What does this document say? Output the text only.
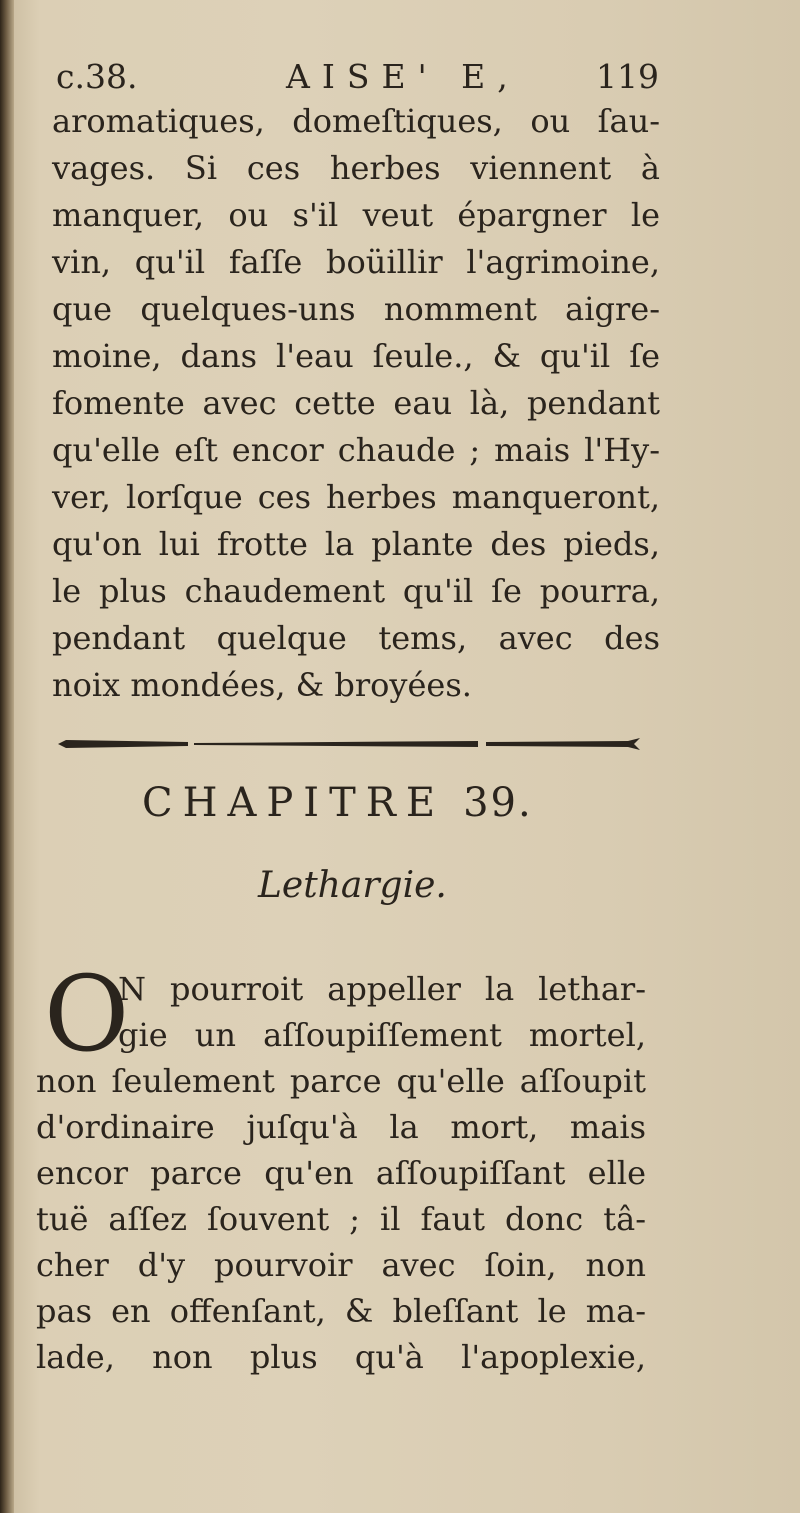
c.38.	AISE' E, 119
aromatiques, domeſtiques, ou ſau-
vages. Si ces herbes viennent à
manquer, ou s'il veut épargner le
vin, qu'il faſſe boüillir l'agrimoine,
que quelques-uns nomment aigre-
moine, dans l'eau ſeule., & qu'il ſe
fomente avec cette eau là, pendant
qu'elle eſt encor chaude ; mais l'Hy-
ver, lorſque ces herbes manqueront,
qu'on lui frotte la plante des pieds,
le plus chaudement qu'il ſe pourra,
pendant quelque tems, avec des
noix mondées, & broyées.
CHAPITRE 39.
Lethargie.
O
N pourroit appeller la lethar-
gie un aſſoupiſſement mortel,
non ſeulement parce qu'elle aſſoupit
d'ordinaire juſqu'à la mort, mais
encor parce qu'en aſſoupiſſant elle
tuë aſſez ſouvent ; il faut donc tâ-
cher d'y pourvoir avec ſoin, non
pas en offenſant, & bleſſant le ma-
lade, non plus qu'à l'apoplexie,
